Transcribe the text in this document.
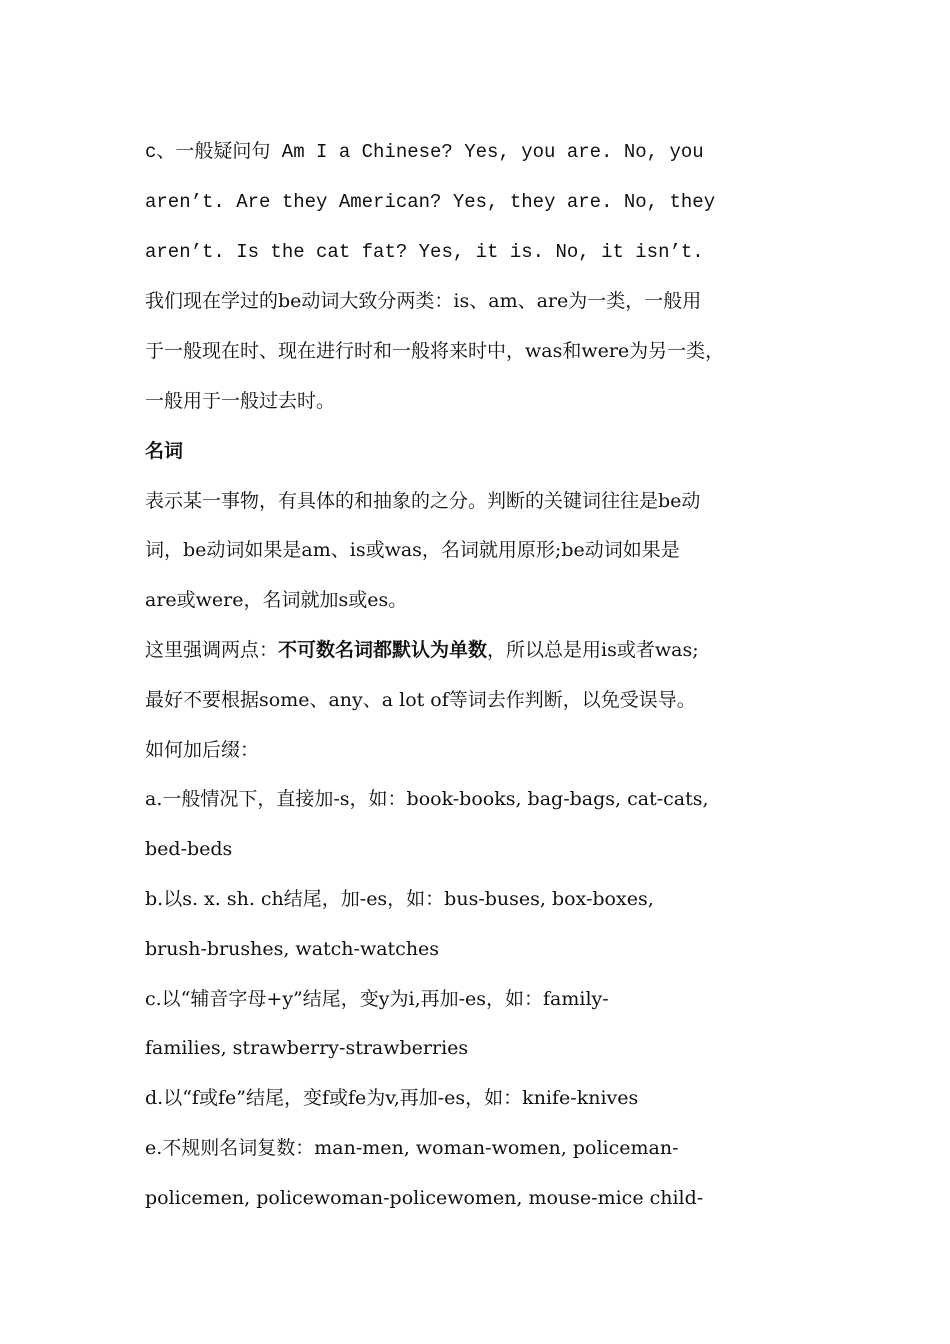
c、一般疑问句 Am I a Chinese? Yes, you are. No, you
aren’t. Are they American? Yes, they are. No, they
aren’t. Is the cat fat? Yes, it is. No, it isn’t.
我们现在学过的be动词大致分两类：is、am、are为一类，一般用
于一般现在时、现在进行时和一般将来时中，was和were为另一类，
一般用于一般过去时。
名词
表示某一事物，有具体的和抽象的之分。判断的关键词往往是be动
词，be动词如果是am、is或was，名词就用原形;be动词如果是
are或were，名词就加s或es。
这里强调两点：不可数名词都默认为单数，所以总是用is或者was;
最好不要根据some、any、a lot of等词去作判断，以免受误导。
如何加后缀：
a.一般情况下，直接加-s，如：book-books, bag-bags, cat-cats,
bed-beds
b.以s. x. sh. ch结尾，加-es，如：bus-buses, box-boxes,
brush-brushes, watch-watches
c.以“辅音字母+y”结尾，变y为i,再加-es，如：family-
families, strawberry-strawberries
d.以“f或fe”结尾，变f或fe为v,再加-es，如：knife-knives
e.不规则名词复数：man-men, woman-women, policeman-
policemen, policewoman-policewomen, mouse-mice child-
